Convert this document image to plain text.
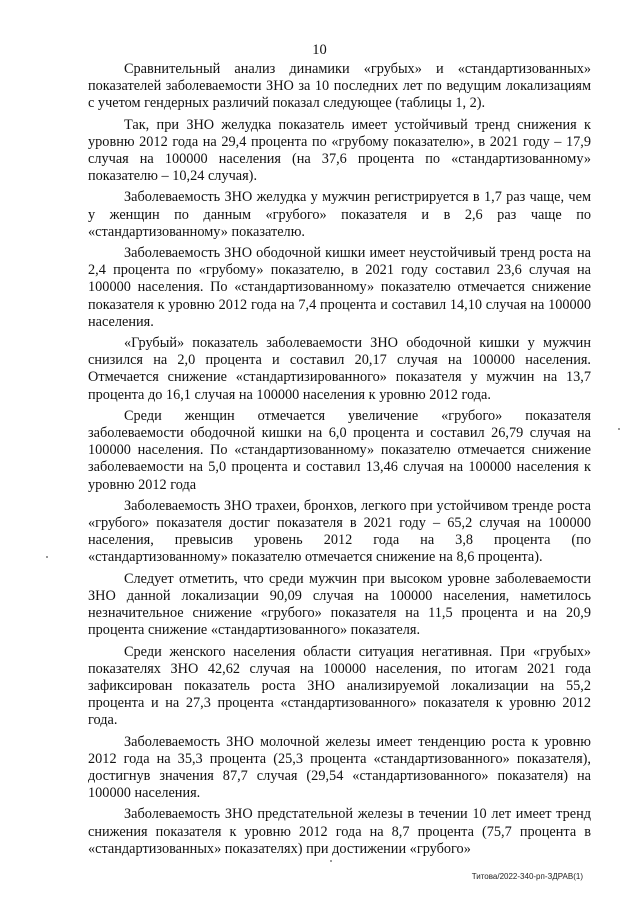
10

Сравнительный анализ динамики «грубых» и «стандартизованных» показателей заболеваемости ЗНО за 10 последних лет по ведущим локализациям с учетом гендерных различий показал следующее (таблицы 1, 2).

Так, при ЗНО желудка показатель имеет устойчивый тренд снижения к уровню 2012 года на 29,4 процента по «грубому показателю», в 2021 году – 17,9 случая на 100000 населения (на 37,6 процента по «стандартизованному» показателю – 10,24 случая).

Заболеваемость ЗНО желудка у мужчин регистрируется в 1,7 раз чаще, чем у женщин по данным «грубого» показателя и в 2,6 раз чаще по «стандартизованному» показателю.

Заболеваемость ЗНО ободочной кишки имеет неустойчивый тренд роста на 2,4 процента по «грубому» показателю, в 2021 году составил 23,6 случая на 100000 населения. По «стандартизованному» показателю отмечается снижение показателя к уровню 2012 года на 7,4 процента и составил 14,10 случая на 100000 населения.

«Грубый» показатель заболеваемости ЗНО ободочной кишки у мужчин снизился на 2,0 процента и составил 20,17 случая на 100000 населения. Отмечается снижение «стандартизированного» показателя у мужчин на 13,7 процента до 16,1 случая на 100000 населения к уровню 2012 года.

Среди женщин отмечается увеличение «грубого» показателя заболеваемости ободочной кишки на 6,0 процента и составил 26,79 случая на 100000 населения. По «стандартизованному» показателю отмечается снижение заболеваемости на 5,0 процента и составил 13,46 случая на 100000 населения к уровню 2012 года

Заболеваемость ЗНО трахеи, бронхов, легкого при устойчивом тренде роста «грубого» показателя достиг показателя в 2021 году – 65,2 случая на 100000 населения, превысив уровень 2012 года на 3,8 процента (по «стандартизованному» показателю отмечается снижение на 8,6 процента).

Следует отметить, что среди мужчин при высоком уровне заболеваемости ЗНО данной локализации 90,09 случая на 100000 населения, наметилось незначительное снижение «грубого» показателя на 11,5 процента и на 20,9 процента снижение «стандартизованного» показателя.

Среди женского населения области ситуация негативная. При «грубых» показателях ЗНО 42,62 случая на 100000 населения, по итогам 2021 года зафиксирован показатель роста ЗНО анализируемой локализации на 55,2 процента и на 27,3 процента «стандартизованного» показателя к уровню 2012 года.

Заболеваемость ЗНО молочной железы имеет тенденцию роста к уровню 2012 года на 35,3 процента (25,3 процента «стандартизованного» показателя), достигнув значения 87,7 случая (29,54 «стандартизованного» показателя) на 100000 населения.

Заболеваемость ЗНО предстательной железы в течении 10 лет имеет тренд снижения показателя к уровню 2012 года на 8,7 процента (75,7 процента в «стандартизованных» показателях) при достижении «грубого»

Титова/2022-340-рп-ЗДРАВ(1)
